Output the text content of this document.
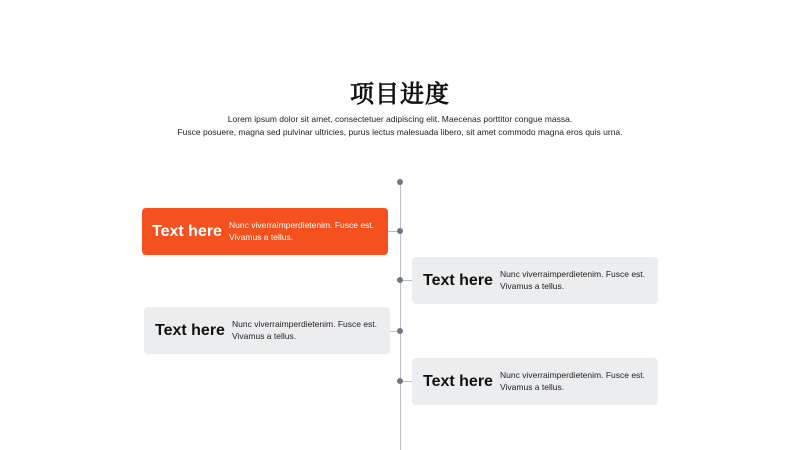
项目进度
Lorem ipsum dolor sit amet, consectetuer adipiscing elit. Maecenas porttitor congue massa.
Fusce posuere, magna sed pulvinar ultricies, purus lectus malesuada libero, sit amet commodo magna eros quis urna.
Text here Nunc viverraimperdietenim. Fusce est. Vivamus a tellus.
Text here Nunc viverraimperdietenim. Fusce est. Vivamus a tellus.
Text here Nunc viverraimperdietenim. Fusce est. Vivamus a tellus.
Text here Nunc viverraimperdietenim. Fusce est. Vivamus a tellus.
